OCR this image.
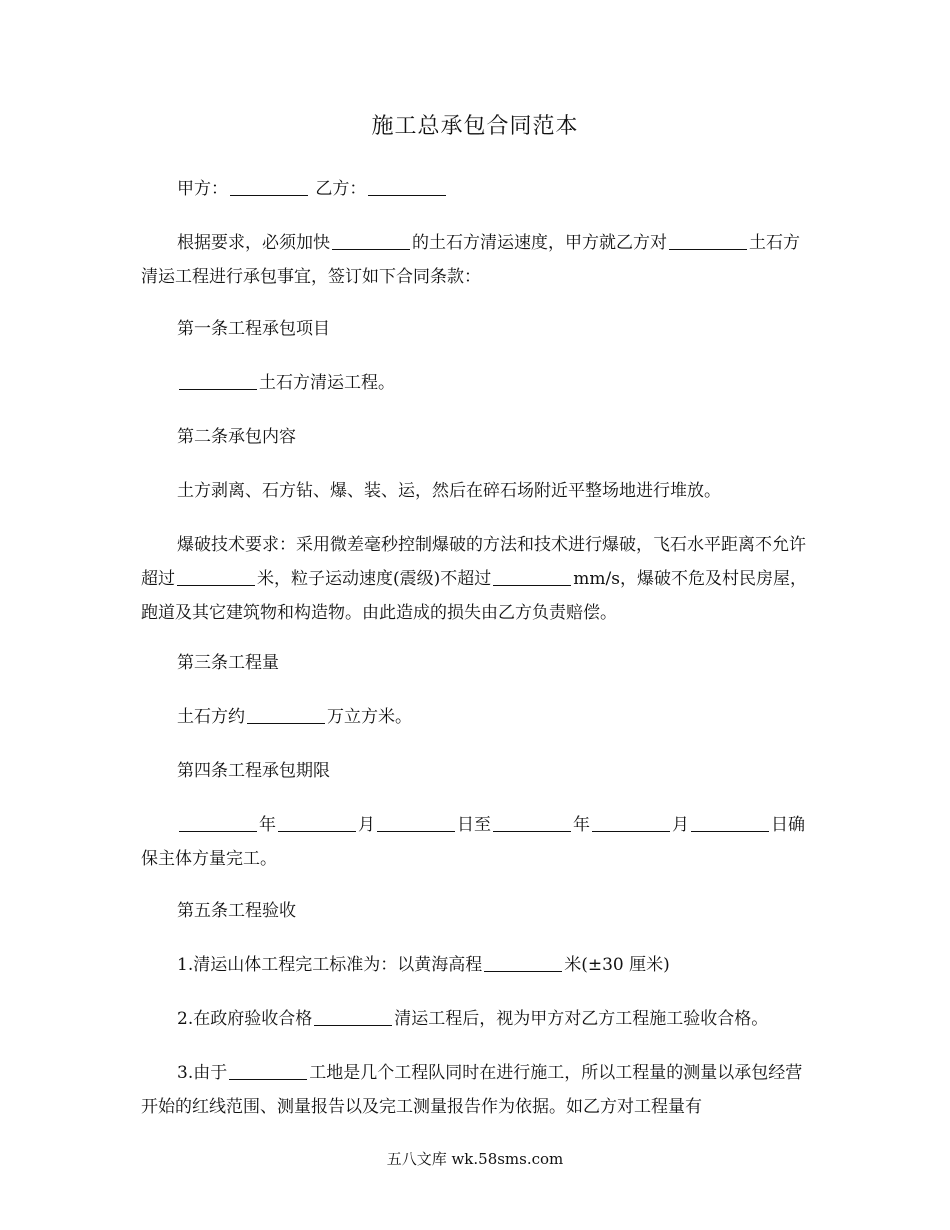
施工总承包合同范本
甲方：	乙方：
根据要求，必须加快	的土石方清运速度，甲方就乙方对	土石方清运工程进行承包事宜，签订如下合同条款：
第一条工程承包项目
土石方清运工程。
第二条承包内容
土方剥离、石方钻、爆、装、运，然后在碎石场附近平整场地进行堆放。
爆破技术要求：采用微差毫秒控制爆破的方法和技术进行爆破，飞石水平距离不允许超过	米，粒子运动速度(震级)不超过	mm/s，爆破不危及村民房屋，跑道及其它建筑物和构造物。由此造成的损失由乙方负责赔偿。
第三条工程量
土石方约	万立方米。
第四条工程承包期限
年	月	日至	年	月	日确保主体方量完工。
第五条工程验收
1.清运山体工程完工标准为：以黄海高程	米(±30 厘米)
2.在政府验收合格	清运工程后，视为甲方对乙方工程施工验收合格。
3.由于	工地是几个工程队同时在进行施工，所以工程量的测量以承包经营开始的红线范围、测量报告以及完工测量报告作为依据。如乙方对工程量有
五八文库 wk.58sms.com
